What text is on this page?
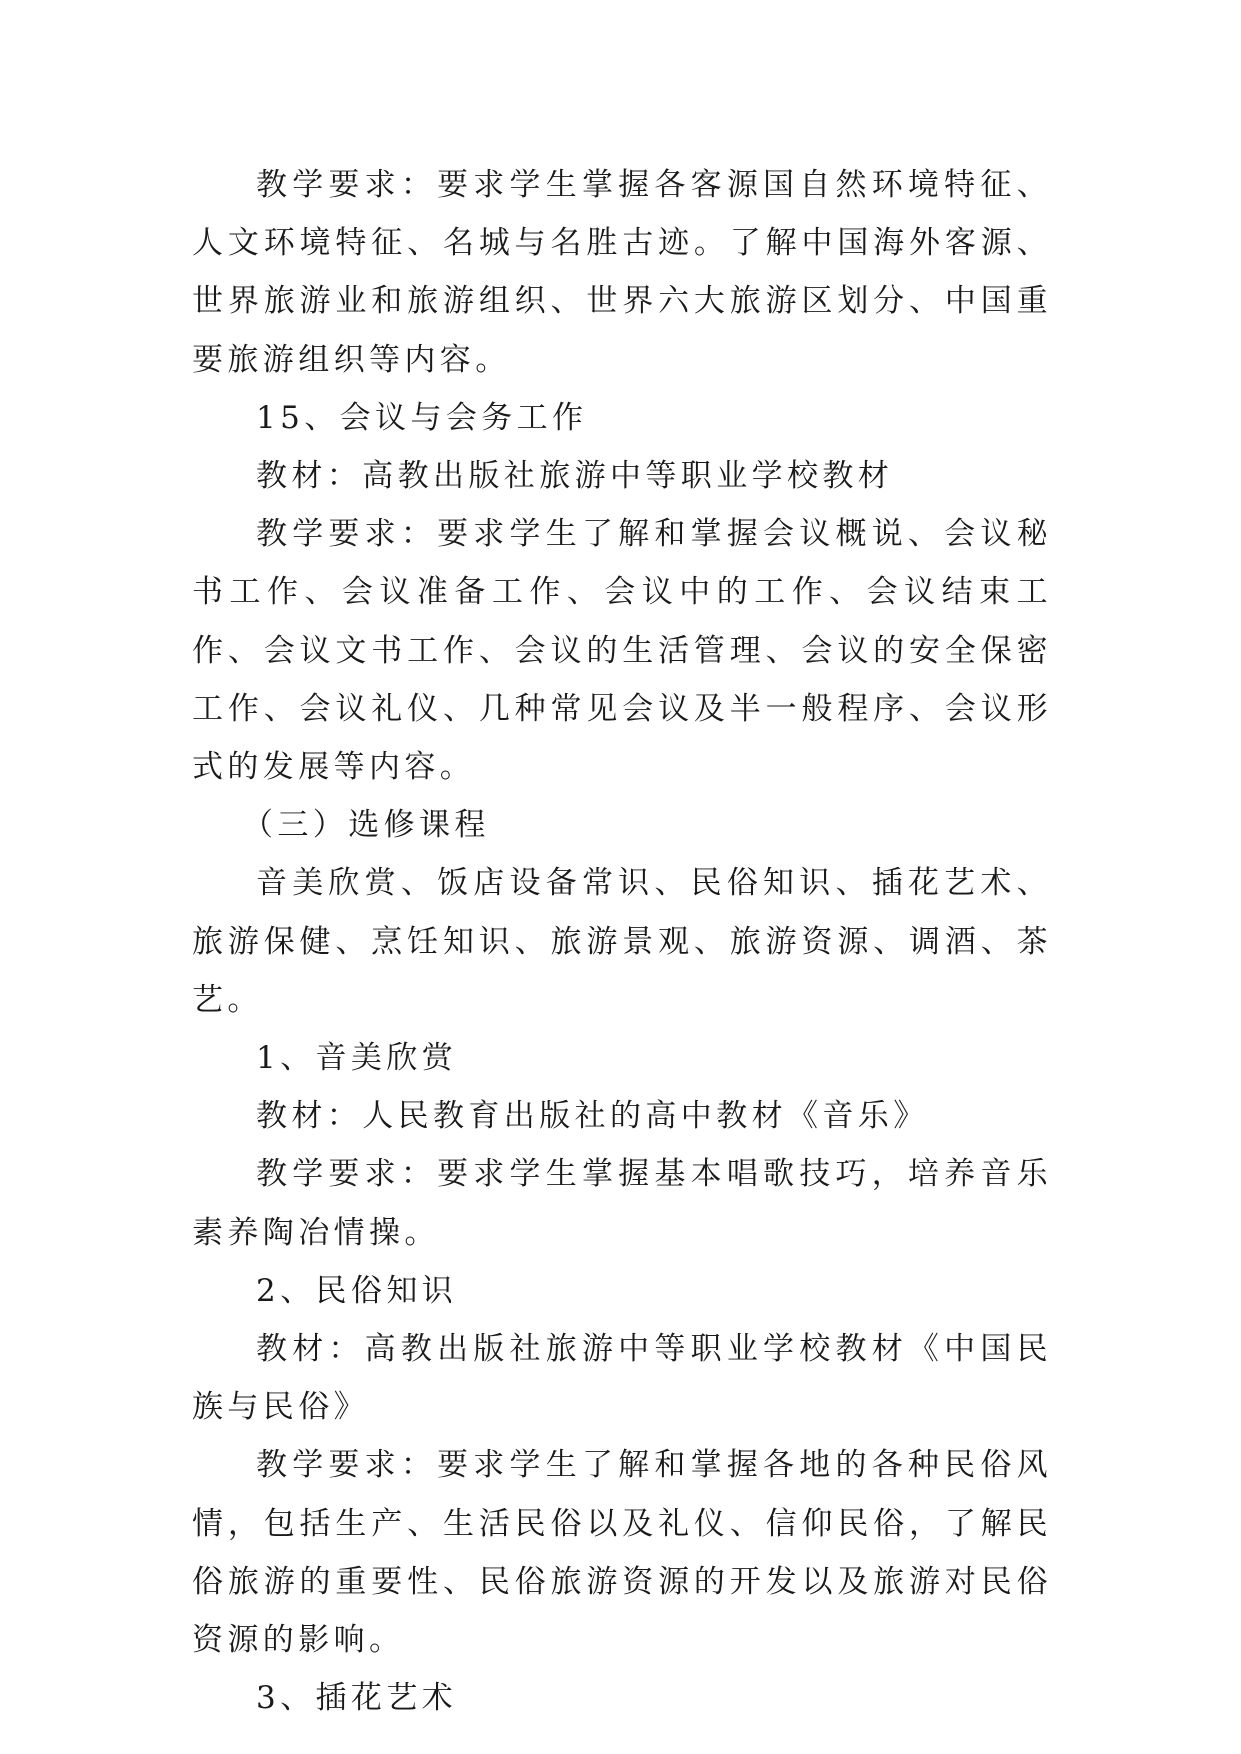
教学要求：要求学生掌握各客源国自然环境特征、人文环境特征、名城与名胜古迹。了解中国海外客源、世界旅游业和旅游组织、世界六大旅游区划分、中国重要旅游组织等内容。

15、会议与会务工作

教材：高教出版社旅游中等职业学校教材

教学要求：要求学生了解和掌握会议概说、会议秘书工作、会议准备工作、会议中的工作、会议结束工作、会议文书工作、会议的生活管理、会议的安全保密工作、会议礼仪、几种常见会议及半一般程序、会议形式的发展等内容。

（三）选修课程

音美欣赏、饭店设备常识、民俗知识、插花艺术、旅游保健、烹饪知识、旅游景观、旅游资源、调酒、茶艺。

1、音美欣赏

教材：人民教育出版社的高中教材《音乐》

教学要求：要求学生掌握基本唱歌技巧，培养音乐素养陶冶情操。

2、民俗知识

教材：高教出版社旅游中等职业学校教材《中国民族与民俗》

教学要求：要求学生了解和掌握各地的各种民俗风情，包括生产、生活民俗以及礼仪、信仰民俗，了解民俗旅游的重要性、民俗旅游资源的开发以及旅游对民俗资源的影响。

3、插花艺术
